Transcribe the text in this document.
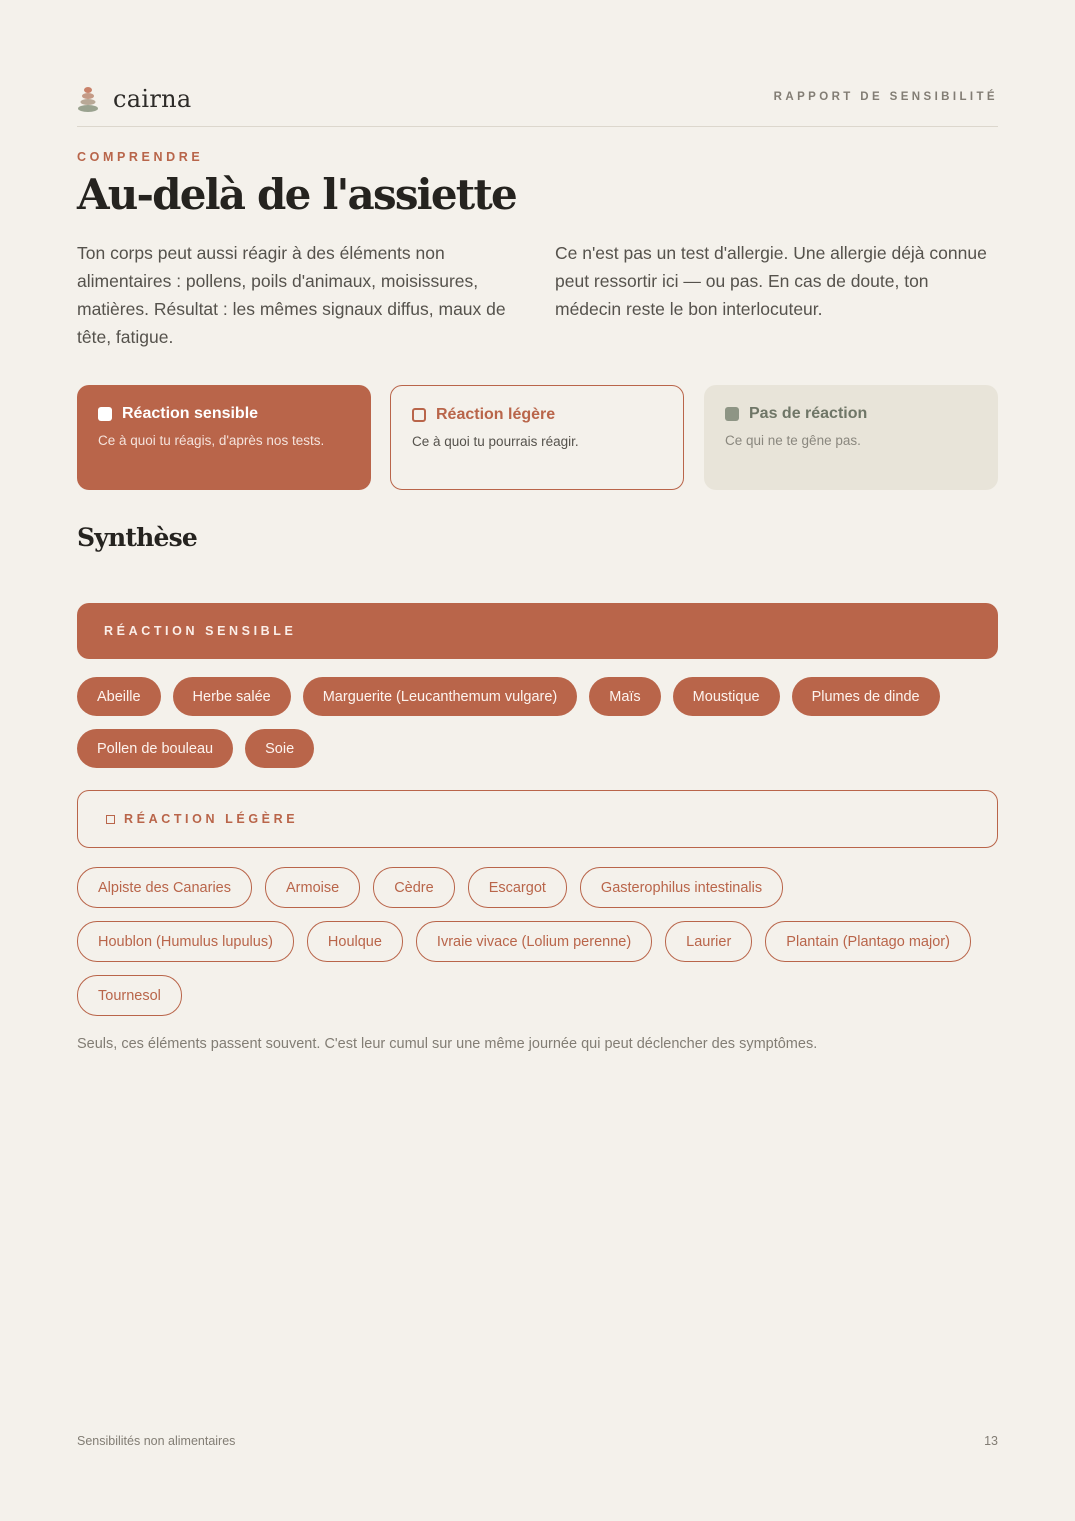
cairna	RAPPORT DE SENSIBILITÉ
COMPRENDRE
Au-delà de l'assiette

Ton corps peut aussi réagir à des éléments non alimentaires : pollens, poils d'animaux, moisissures, matières. Résultat : les mêmes signaux diffus, maux de tête, fatigue.

Ce n'est pas un test d'allergie. Une allergie déjà connue peut ressortir ici — ou pas. En cas de doute, ton médecin reste le bon interlocuteur.

Réaction sensible
Ce à quoi tu réagis, d'après nos tests.
Réaction légère
Ce à quoi tu pourrais réagir.
Pas de réaction
Ce qui ne te gêne pas.
Synthèse
RÉACTION SENSIBLE
Abeille	Herbe salée	Marguerite (Leucanthemum vulgare)	Maïs	Moustique	Plumes de dinde
Pollen de bouleau	Soie
RÉACTION LÉGÈRE
Alpiste des Canaries	Armoise	Cèdre	Escargot	Gasterophilus intestinalis
Houblon (Humulus lupulus)	Houlque	Ivraie vivace (Lolium perenne)	Laurier	Plantain (Plantago major)
Tournesol

Seuls, ces éléments passent souvent. C'est leur cumul sur une même journée qui peut déclencher des symptômes.

Sensibilités non alimentaires	13
